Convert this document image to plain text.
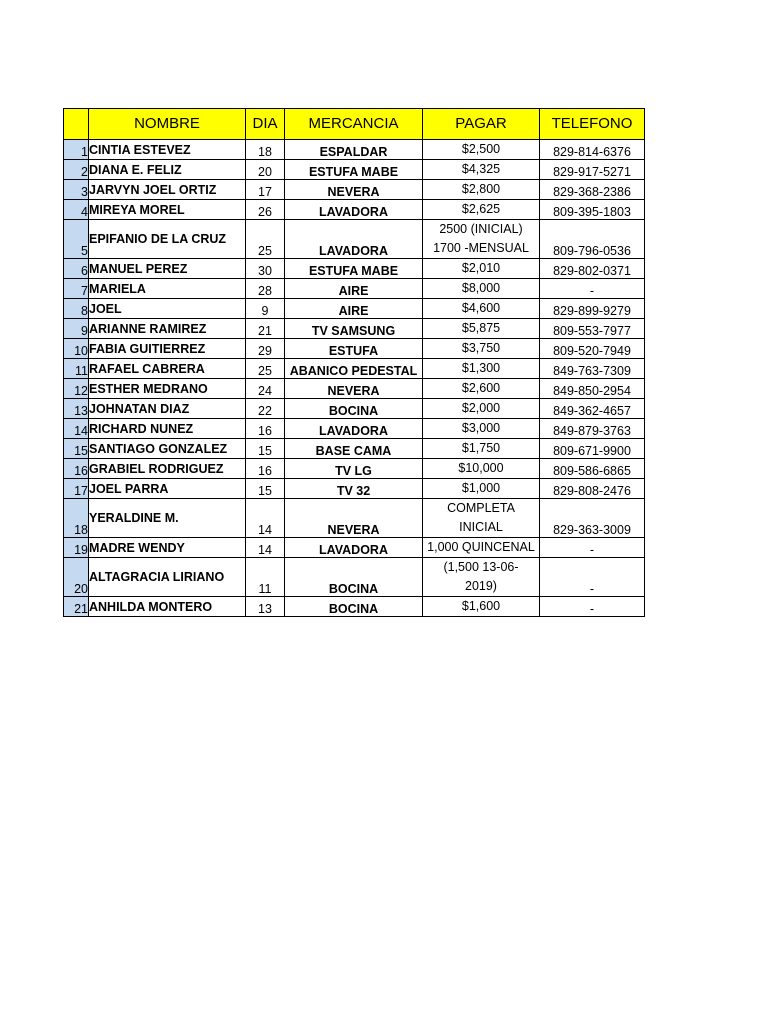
	NOMBRE	DIA	MERCANCIA	PAGAR	TELEFONO
1	CINTIA ESTEVEZ	18	ESPALDAR	$2,500	829-814-6376
2	DIANA E. FELIZ	20	ESTUFA MABE	$4,325	829-917-5271
3	JARVYN JOEL ORTIZ	17	NEVERA	$2,800	829-368-2386
4	MIREYA MOREL	26	LAVADORA	$2,625	809-395-1803
5	EPIFANIO DE LA CRUZ	25	LAVADORA	2500 (INICIAL)
1700 -MENSUAL	809-796-0536
6	MANUEL PEREZ	30	ESTUFA MABE	$2,010	829-802-0371
7	MARIELA	28	AIRE	$8,000	-
8	JOEL	9	AIRE	$4,600	829-899-9279
9	ARIANNE RAMIREZ	21	TV SAMSUNG	$5,875	809-553-7977
10	FABIA GUITIERREZ	29	ESTUFA	$3,750	809-520-7949
11	RAFAEL CABRERA	25	ABANICO PEDESTAL	$1,300	849-763-7309
12	ESTHER MEDRANO	24	NEVERA	$2,600	849-850-2954
13	JOHNATAN DIAZ	22	BOCINA	$2,000	849-362-4657
14	RICHARD NUNEZ	16	LAVADORA	$3,000	849-879-3763
15	SANTIAGO GONZALEZ	15	BASE CAMA	$1,750	809-671-9900
16	GRABIEL RODRIGUEZ	16	TV LG	$10,000	809-586-6865
17	JOEL PARRA	15	TV 32	$1,000	829-808-2476
18	YERALDINE M.	14	NEVERA	COMPLETA
INICIAL	829-363-3009
19	MADRE WENDY	14	LAVADORA	1,000 QUINCENAL	-
20	ALTAGRACIA LIRIANO	11	BOCINA	(1,500 13-06-
2019)	-
21	ANHILDA MONTERO	13	BOCINA	$1,600	-
